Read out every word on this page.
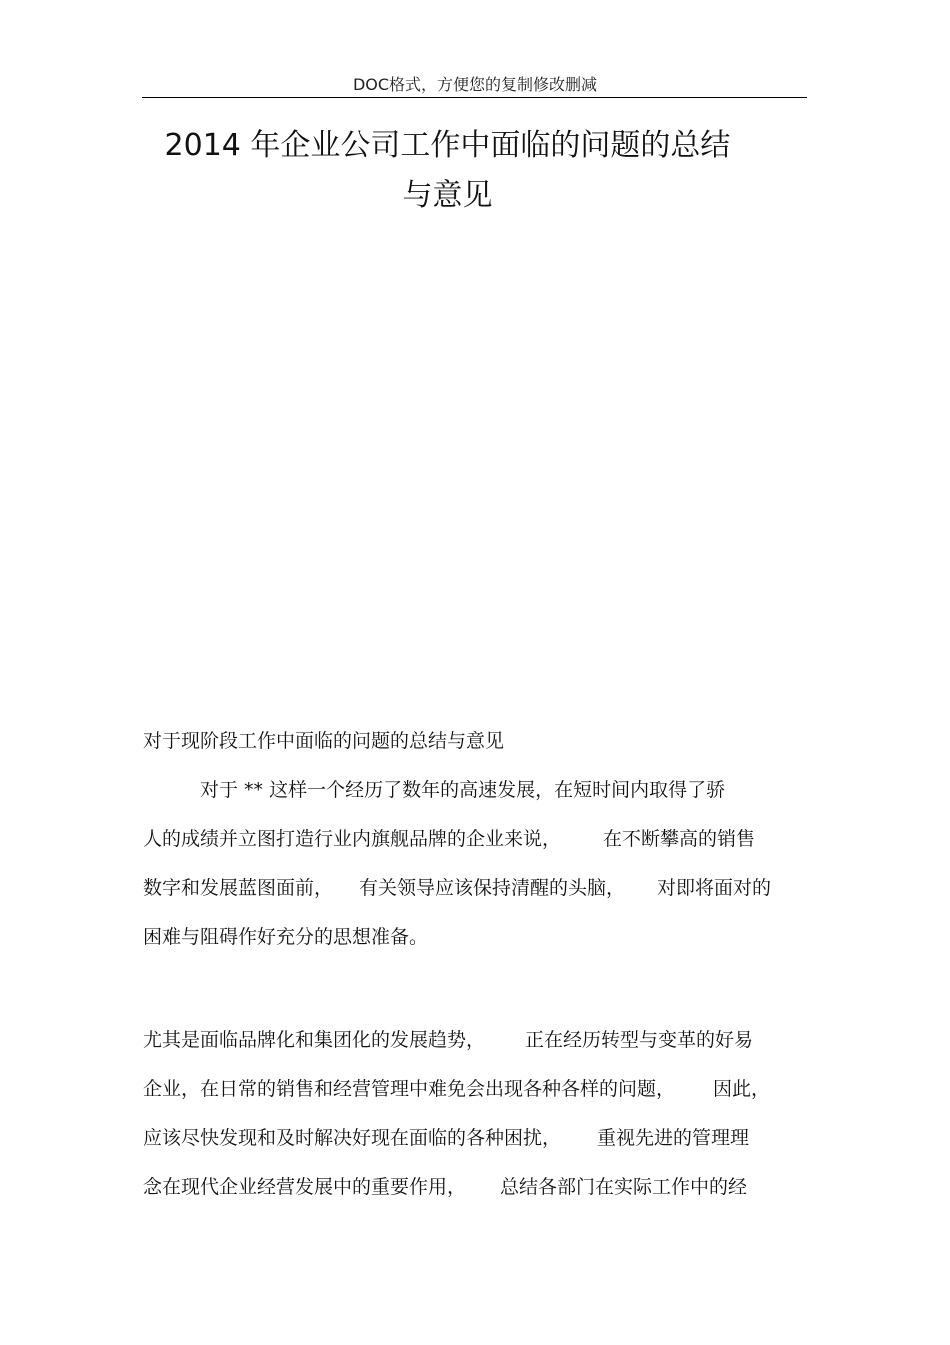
DOC格式，方便您的复制修改删减
2014 年企业公司工作中面临的问题的总结
与意见
对于现阶段工作中面临的问题的总结与意见
对于 ** 这样一个经历了数年的高速发展，在短时间内取得了骄
人的成绩并立图打造行业内旗舰品牌的企业来说， 在不断攀高的销售
数字和发展蓝图面前， 有关领导应该保持清醒的头脑， 对即将面对的
困难与阻碍作好充分的思想准备。
尤其是面临品牌化和集团化的发展趋势， 正在经历转型与变革的好易
企业，在日常的销售和经营管理中难免会出现各种各样的问题， 因此，
应该尽快发现和及时解决好现在面临的各种困扰， 重视先进的管理理
念在现代企业经营发展中的重要作用， 总结各部门在实际工作中的经
